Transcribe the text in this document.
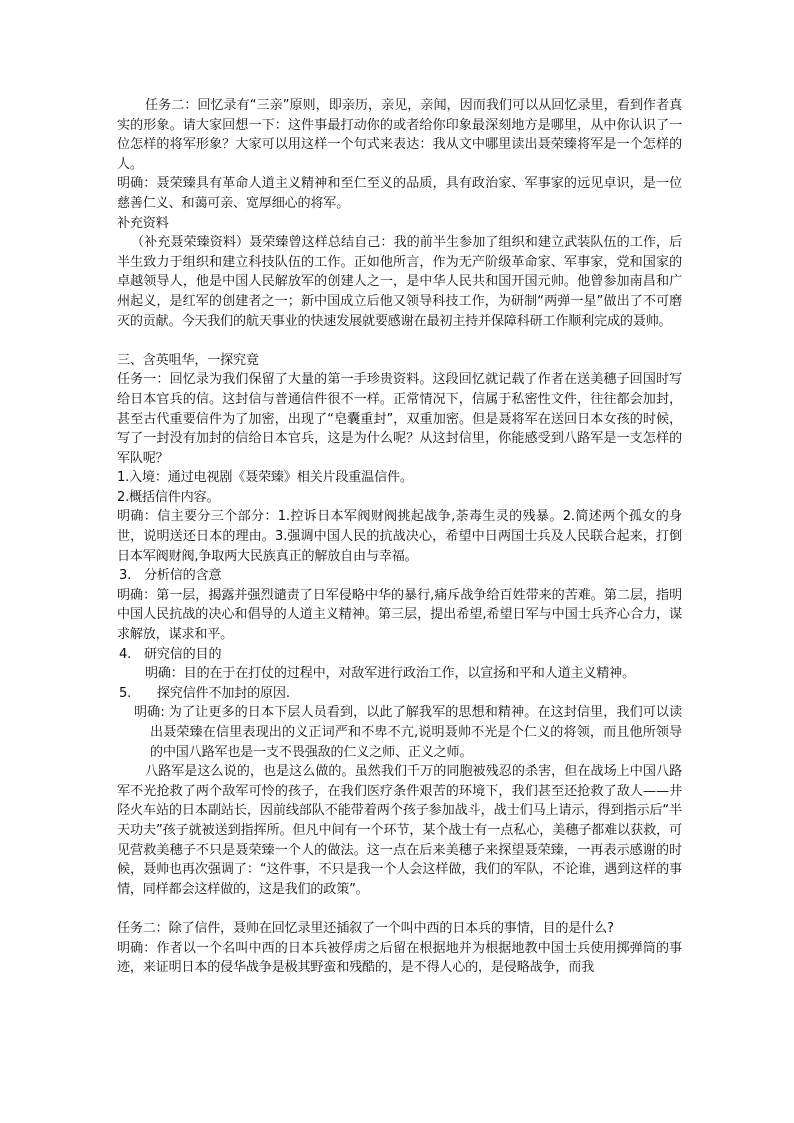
任务二：回忆录有“三亲”原则，即亲历，亲见，亲闻，因而我们可以从回忆录里，看到作者真实的形象。请大家回想一下：这件事最打动你的或者给你印象最深刻地方是哪里，从中你认识了一位怎样的将军形象？大家可以用这样一个句式来表达：我从文中哪里读出聂荣臻将军是一个怎样的人。

明确：聂荣臻具有革命人道主义精神和至仁至义的品质，具有政治家、军事家的远见卓识，是一位慈善仁义、和蔼可亲、宽厚细心的将军。

补充资料

（补充聂荣臻资料）聂荣臻曾这样总结自己：我的前半生参加了组织和建立武装队伍的工作，后半生致力于组织和建立科技队伍的工作。正如他所言，作为无产阶级革命家、军事家，党和国家的卓越领导人，他是中国人民解放军的创建人之一，是中华人民共和国开国元帅。他曾参加南昌和广州起义，是红军的创建者之一；新中国成立后他又领导科技工作，为研制“两弹一星”做出了不可磨灭的贡献。今天我们的航天事业的快速发展就要感谢在最初主持并保障科研工作顺利完成的聂帅。

三、含英咀华，一探究竟

任务一：回忆录为我们保留了大量的第一手珍贵资料。这段回忆就记载了作者在送美穗子回国时写给日本官兵的信。这封信与普通信件很不一样。正常情况下，信属于私密性文件，往往都会加封，甚至古代重要信件为了加密，出现了“皂囊重封”，双重加密。但是聂将军在送回日本女孩的时候，写了一封没有加封的信给日本官兵，这是为什么呢？从这封信里，你能感受到八路军是一支怎样的军队呢？

1.入境：通过电视剧《聂荣臻》相关片段重温信件。

2.概括信件内容。

明确：信主要分三个部分：1.控诉日本军阀财阀挑起战争,荼毒生灵的残暴。2.简述两个孤女的身世，说明送还日本的理由。3.强调中国人民的抗战决心，希望中日两国士兵及人民联合起来，打倒日本军阀财阀,争取两大民族真正的解放自由与幸福。

3.　分析信的含意

明确：第一层，揭露并强烈谴责了日军侵略中华的暴行,痛斥战争给百姓带来的苦难。第二层，指明中国人民抗战的决心和倡导的人道主义精神。第三层，提出希望,希望日军与中国士兵齐心合力，谋求解放，谋求和平。

4.　研究信的目的

明确：目的在于在打仗的过程中，对敌军进行政治工作，以宣扬和平和人道主义精神。

5.　　探究信件不加封的原因.

明确: 为了让更多的日本下层人员看到，以此了解我军的思想和精神。在这封信里，我们可以读出聂荣臻在信里表现出的义正词严和不卑不亢,说明聂帅不光是个仁义的将领，而且他所领导的中国八路军也是一支不畏强敌的仁义之师、正义之师。

八路军是这么说的，也是这么做的。虽然我们千万的同胞被残忍的杀害，但在战场上中国八路军不光抢救了两个敌军可怜的孩子，在我们医疗条件艰苦的环境下，我们甚至还抢救了敌人——井陉火车站的日本副站长，因前线部队不能带着两个孩子参加战斗，战士们马上请示，得到指示后“半天功夫”孩子就被送到指挥所。但凡中间有一个环节，某个战士有一点私心，美穗子都难以获救，可见营救美穗子不只是聂荣臻一个人的做法。这一点在后来美穗子来探望聂荣臻，一再表示感谢的时候，聂帅也再次强调了：“这件事，不只是我一个人会这样做，我们的军队，不论谁，遇到这样的事情，同样都会这样做的，这是我们的政策”。

任务二：除了信件，聂帅在回忆录里还插叙了一个叫中西的日本兵的事情，目的是什么?

明确：作者以一个名叫中西的日本兵被俘虏之后留在根据地并为根据地教中国士兵使用掷弹筒的事迹，来证明日本的侵华战争是极其野蛮和残酷的，是不得人心的，是侵略战争，而我
